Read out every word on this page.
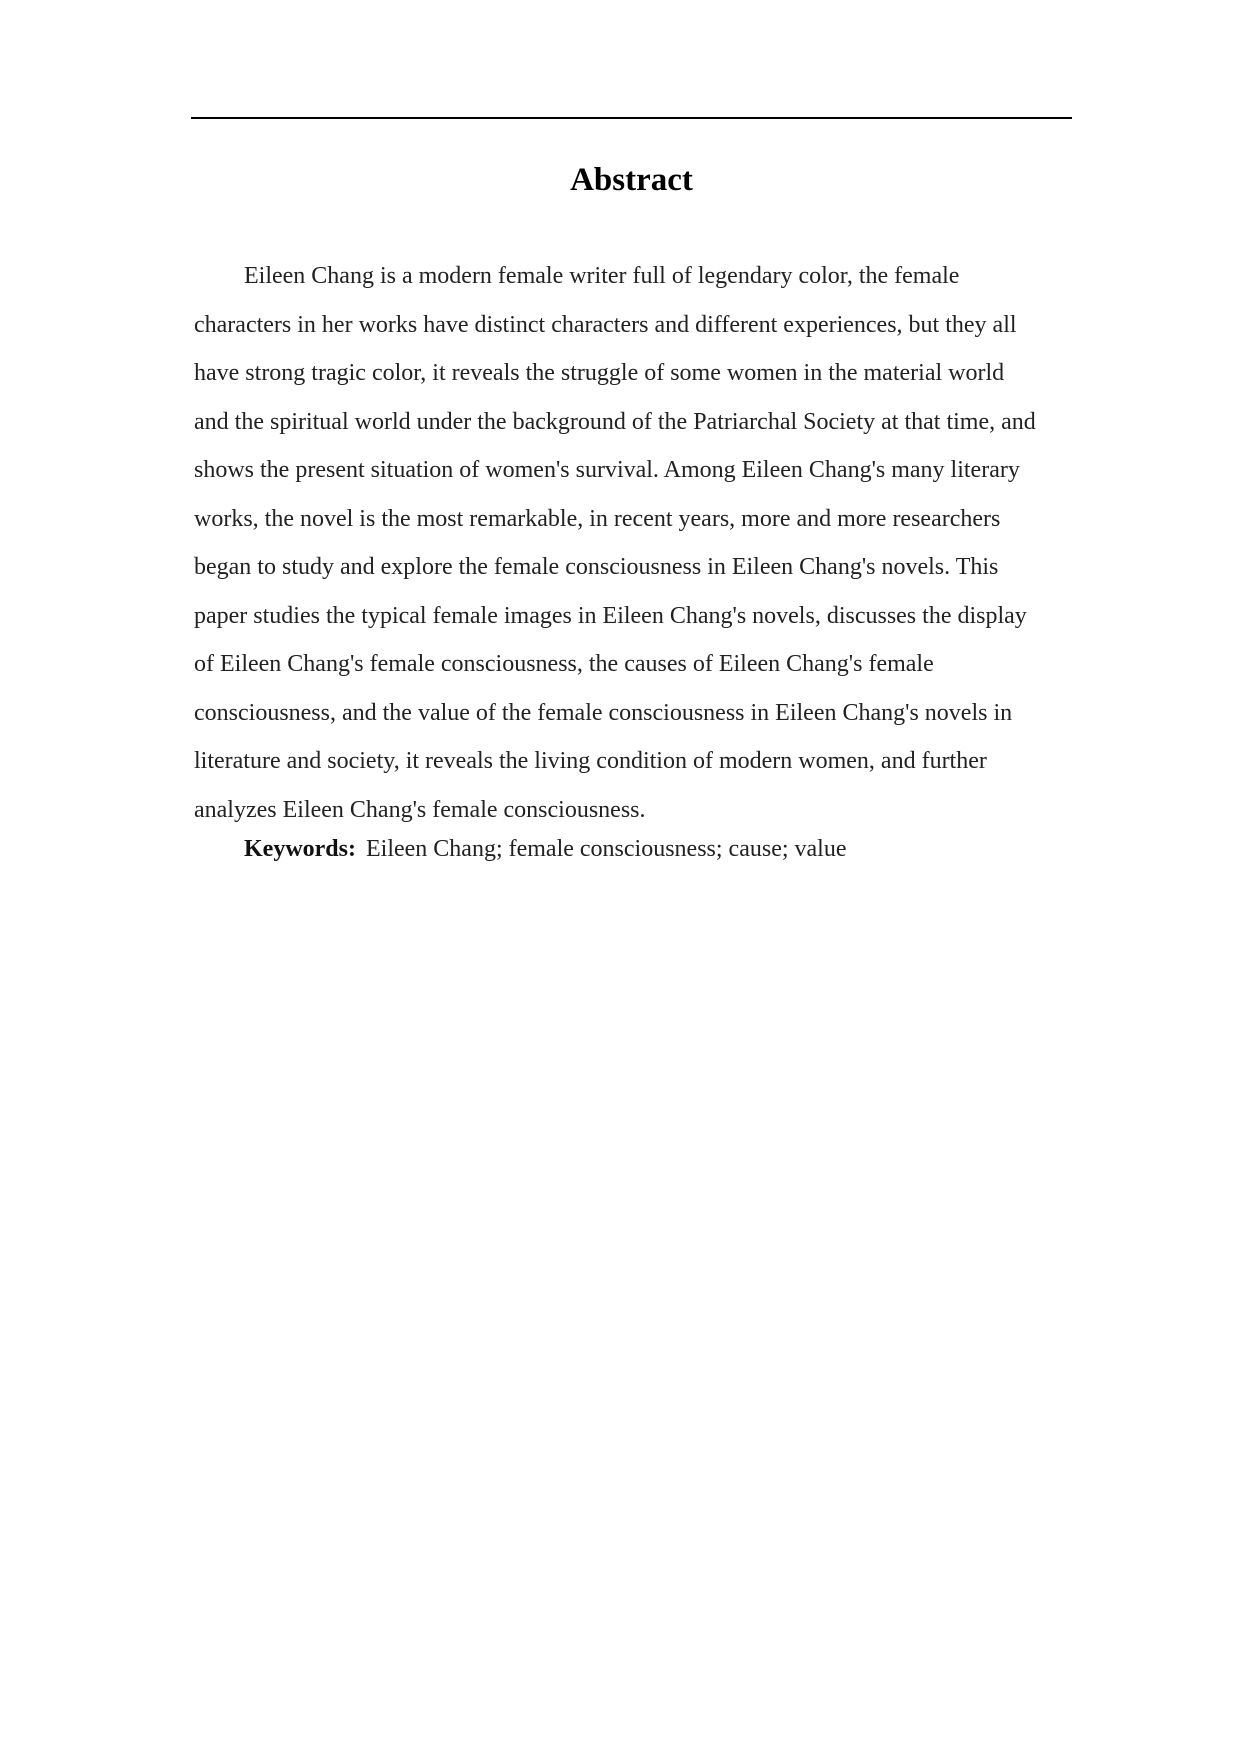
Abstract
Eileen Chang is a modern female writer full of legendary color, the female
characters in her works have distinct characters and different experiences, but they all
have strong tragic color, it reveals the struggle of some women in the material world
and the spiritual world under the background of the Patriarchal Society at that time, and
shows the present situation of women's survival. Among Eileen Chang's many literary
works, the novel is the most remarkable, in recent years, more and more researchers
began to study and explore the female consciousness in Eileen Chang's novels. This
paper studies the typical female images in Eileen Chang's novels, discusses the display
of Eileen Chang's female consciousness, the causes of Eileen Chang's female
consciousness, and the value of the female consciousness in Eileen Chang's novels in
literature and society, it reveals the living condition of modern women, and further
analyzes Eileen Chang's female consciousness.
Keywords: Eileen Chang; female consciousness; cause; value
